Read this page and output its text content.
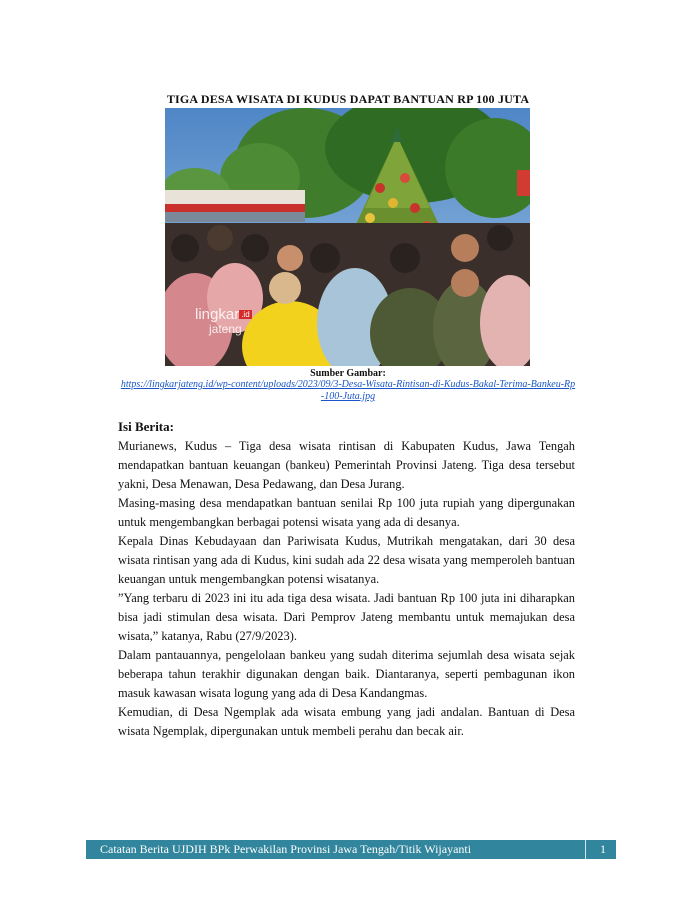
TIGA DESA WISATA DI KUDUS DAPAT BANTUAN RP 100 JUTA
lingkar $^{.id}$
jateng
Sumber Gambar:
https://lingkarjateng.id/wp-content/uploads/2023/09/3-Desa-Wisata-Rintisan-di-Kudus-Bakal-Terima-Bankeu-Rp-100-Juta.jpg
Isi Berita:

Murianews, Kudus – Tiga desa wisata rintisan di Kabupaten Kudus, Jawa Tengah mendapatkan bantuan keuangan (bankeu) Pemerintah Provinsi Jateng. Tiga desa tersebut yakni, Desa Menawan, Desa Pedawang, dan Desa Jurang.

Masing-masing desa mendapatkan bantuan senilai Rp 100 juta rupiah yang dipergunakan untuk mengembangkan berbagai potensi wisata yang ada di desanya.

Kepala Dinas Kebudayaan dan Pariwisata Kudus, Mutrikah mengatakan, dari 30 desa wisata rintisan yang ada di Kudus, kini sudah ada 22 desa wisata yang memperoleh bantuan keuangan untuk mengembangkan potensi wisatanya.

”Yang terbaru di 2023 ini itu ada tiga desa wisata. Jadi bantuan Rp 100 juta ini diharapkan bisa jadi stimulan desa wisata. Dari Pemprov Jateng membantu untuk memajukan desa wisata,” katanya, Rabu (27/9/2023).

Dalam pantauannya, pengelolaan bankeu yang sudah diterima sejumlah desa wisata sejak beberapa tahun terakhir digunakan dengan baik. Diantaranya, seperti pembagunan ikon masuk kawasan wisata logung yang ada di Desa Kandangmas.

Kemudian, di Desa Ngemplak ada wisata embung yang jadi andalan. Bantuan di Desa wisata Ngemplak, dipergunakan untuk membeli perahu dan becak air.

Catatan Berita UJDIH BPk Perwakilan Provinsi Jawa Tengah/Titik Wijayanti	1
